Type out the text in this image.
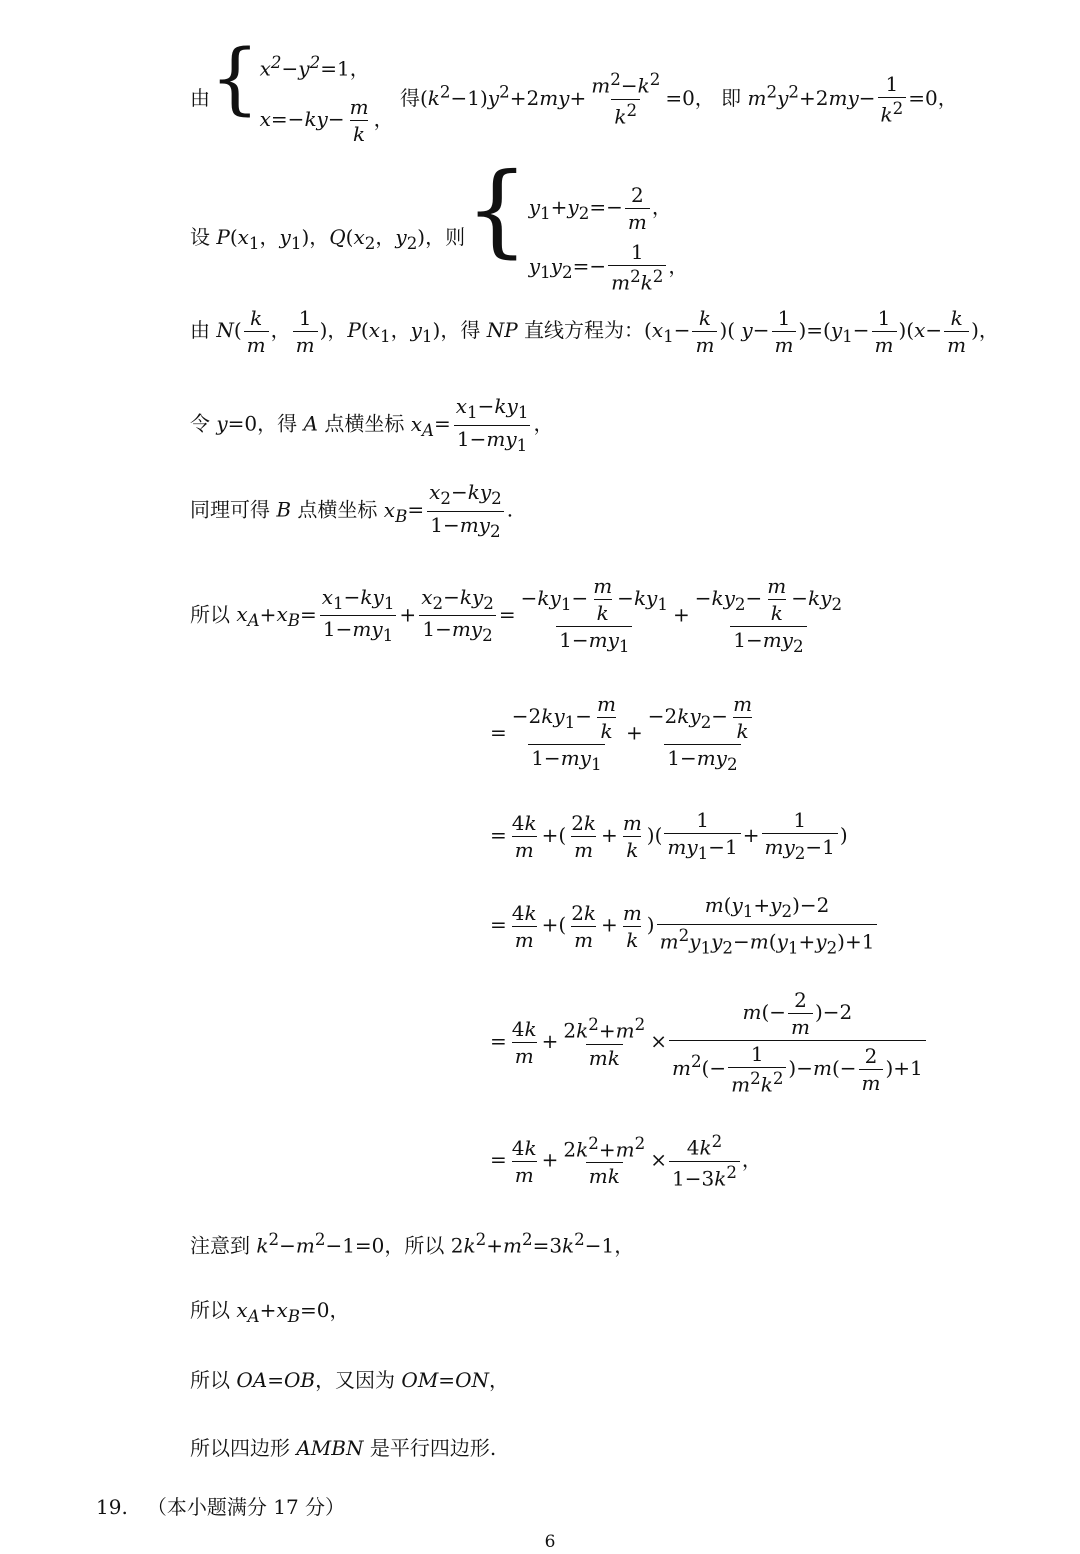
由{ $x^2-y^2=1$，
$x=-ky- \frac{m}{k}$ ，
得$(k^2-1)y^2+2my+ \frac{m^2-k^2}{k^2} =0$， 即 $m^2y^2+2my- \frac{1}{k^2} =0$，
设 $P(x_1$，$y_1$)，$Q(x_2$，$y_2$)，则{ $y_1+y_2=- \frac{2}{m}$ ，
$y_1y_2=- \frac{1}{m^2k^2}$ ，
由 $N( \frac{k}{m}$ ， $\frac{1}{m}$ )，$P(x_1$，$y_1$)，得 NP 直线方程为：($x_1- \frac{k}{m}$ )( $y- \frac{1}{m} )=(y_1- \frac{1}{m} )(x- \frac{k}{m}$ )，
令 y=0，得 A 点横坐标 $x_A= \frac{x_1-ky_1}{1-my_1}$ ，
同理可得 B 点横坐标 $x_B= \frac{x_2-ky_2}{1-my_2}$ .
所以 $x_A+x_B= \frac{x_1-ky_1}{1-my_1} + \frac{x_2-ky_2}{1-my_2} = \frac{-ky_1- \frac{m}{k} -ky_1}{1-my_1} + \frac{-ky_2- \frac{m}{k} -ky_2}{1-my_2}$
= $\frac{-2ky_1- \frac{m}{k}}{1-my_1} + \frac{-2ky_2- \frac{m}{k}}{1-my_2}$
= $\frac{4k}{m}$ +( $\frac{2k}{m} + \frac{m}{k}$ )( $\frac{1}{my_1-1} + \frac{1}{my_2-1}$ )
= $\frac{4k}{m}$ +( $\frac{2k}{m} + \frac{m}{k}$ ) $\frac{m(y_1+y_2)-2}{m^2y_1y_2-m(y_1+y_2)+1}$
= $\frac{4k}{m} + \frac{2k^2+m^2}{mk} \times \frac{m(- \frac{2}{m} )-2}{m^2(- \frac{1}{m^2k^2} )-m(- \frac{2}{m} )+1}$
= $\frac{4k}{m} + \frac{2k^2+m^2}{mk} \times \frac{4k^2}{1-3k^2}$ ，
注意到 $k^2-m^2-1=0$，所以 $2k^2+m^2=3k^2-1$，
所以 $x_A+x_B=0$，
所以 OA=OB，又因为 OM=ON，
所以四边形 AMBN 是平行四边形.
19.   （本小题满分 17 分）
6
